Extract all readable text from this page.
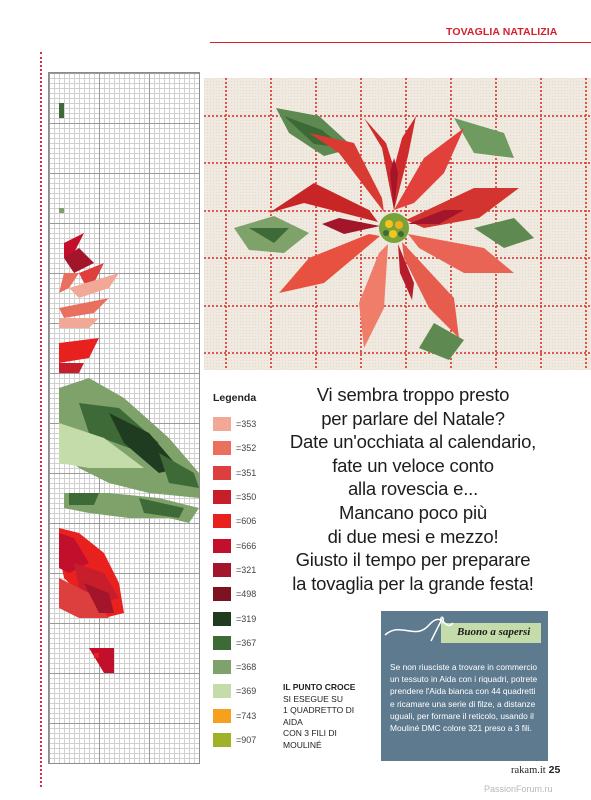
TOVAGLIA NATALIZIA
Legenda
=353
=352
=351
=350
=606
=666
=321
=498
=319
=367
=368
=369
=743
=907
Vi sembra troppo presto
per parlare del Natale?
Date un'occhiata al calendario,
fate un veloce conto
alla rovescia e...
Mancano poco più
di due mesi e mezzo!
Giusto il tempo per preparare
la tovaglia per la grande festa!
IL PUNTO CROCE
SI ESEGUE SU
1 QUADRETTO DI AIDA
CON 3 FILI DI MOULINÉ
Buono a sapersi
Se non riusciste a trovare in commercio un tessuto in Aida con i riquadri, potrete prendere l'Aida bianca con 44 quadretti e ricamare una serie di filze, a distanze uguali, per formare il reticolo, usando il Mouliné DMC colore 321 preso a 3 fili.
rakam.it 25
PassionForum.ru
